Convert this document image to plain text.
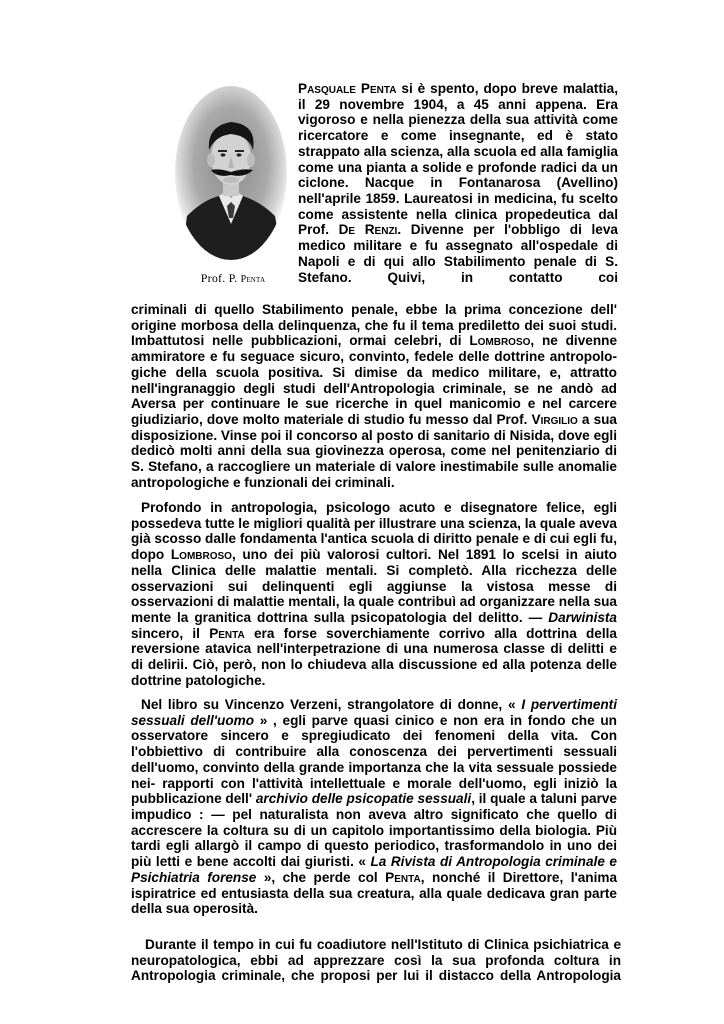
Prof. P. Penta

Pasquale Penta si è spento, dopo breve malattia, il 29 novembre 1904, a 45 anni appena. Era vigoroso e nella pienezza della sua attività come ricercatore e come insegnante, ed è stato strappato alla scienza, alla scuola ed alla famiglia come una pianta a solide e profonde radici da un ciclone. Nacque in Fontanarosa (Avellino) nell'aprile 1859. Laureatosi in medicina, fu scelto come assistente nella clinica propedeutica dal Prof. De Renzi. Divenne per l'obbligo di leva medico militare e fu assegnato all'ospedale di Napoli e di qui allo Stabilimento penale di S. Stefano. Quivi, in contatto coi

criminali di quello Stabilimento penale, ebbe la prima concezione dell' origine morbosa della delinquenza, che fu il tema prediletto dei suoi studi. Imbattutosi nelle pubblicazioni, ormai celebri, di Lombroso, ne divenne ammiratore e fu seguace sicuro, convinto, fedele delle dottrine antropolo-giche della scuola positiva. Si dimise da medico militare, e, attratto nell'ingranaggio degli studi dell'Antropologia criminale, se ne andò ad Aversa per continuare le sue ricerche in quel manicomio e nel carcere giudiziario, dove molto materiale di studio fu messo dal Prof. Virgilio a sua disposizione. Vinse poi il concorso al posto di sanitario di Nisida, dove egli dedicò molti anni della sua giovinezza operosa, come nel penitenziario di S. Stefano, a raccogliere un materiale di valore inestimabile sulle anomalie antropologiche e funzionali dei criminali.

Profondo in antropologia, psicologo acuto e disegnatore felice, egli possedeva tutte le migliori qualità per illustrare una scienza, la quale aveva già scosso dalle fondamenta l'antica scuola di diritto penale e di cui egli fu, dopo Lombroso, uno dei più valorosi cultori. Nel 1891 lo scelsi in aiuto nella Clinica delle malattie mentali. Si completò. Alla ricchezza delle osservazioni sui delinquenti egli aggiunse la vistosa messe di osservazioni di malattie mentali, la quale contribuì ad organizzare nella sua mente la granitica dottrina sulla psicopatologia del delitto. — Darwinista sincero, il Penta era forse soverchiamente corrivo alla dottrina della reversione atavica nell'interpetrazione di una numerosa classe di delitti e di delirii. Ciò, però, non lo chiudeva alla discussione ed alla potenza delle dottrine patologiche.

Nel libro su Vincenzo Verzeni, strangolatore di donne, « I pervertimenti sessuali dell'uomo » , egli parve quasi cinico e non era in fondo che un osservatore sincero e spregiudicato dei fenomeni della vita. Con l'obbiettivo di contribuire alla conoscenza dei pervertimenti sessuali dell'uomo, convinto della grande importanza che la vita sessuale possiede nei- rapporti con l'attività intellettuale e morale dell'uomo, egli iniziò la pubblicazione dell' archivio delle psicopatie sessuali, il quale a taluni parve impudico : — pel naturalista non aveva altro significato che quello di accrescere la coltura su di un capitolo importantissimo della biologia. Più tardi egli allargò il campo di questo periodico, trasformandolo in uno dei più letti e bene accolti dai giuristi. « La Rivista di Antropologia criminale e Psichiatria forense », che perde col Penta, nonché il Direttore, l'anima ispiratrice ed entusiasta della sua creatura, alla quale dedicava gran parte della sua operosità.

Durante il tempo in cui fu coadiutore nell'Istituto di Clinica psichiatrica e neuropatologica, ebbi ad apprezzare così la sua profonda coltura in Antropologia criminale, che proposi per lui il distacco della Antropologia
